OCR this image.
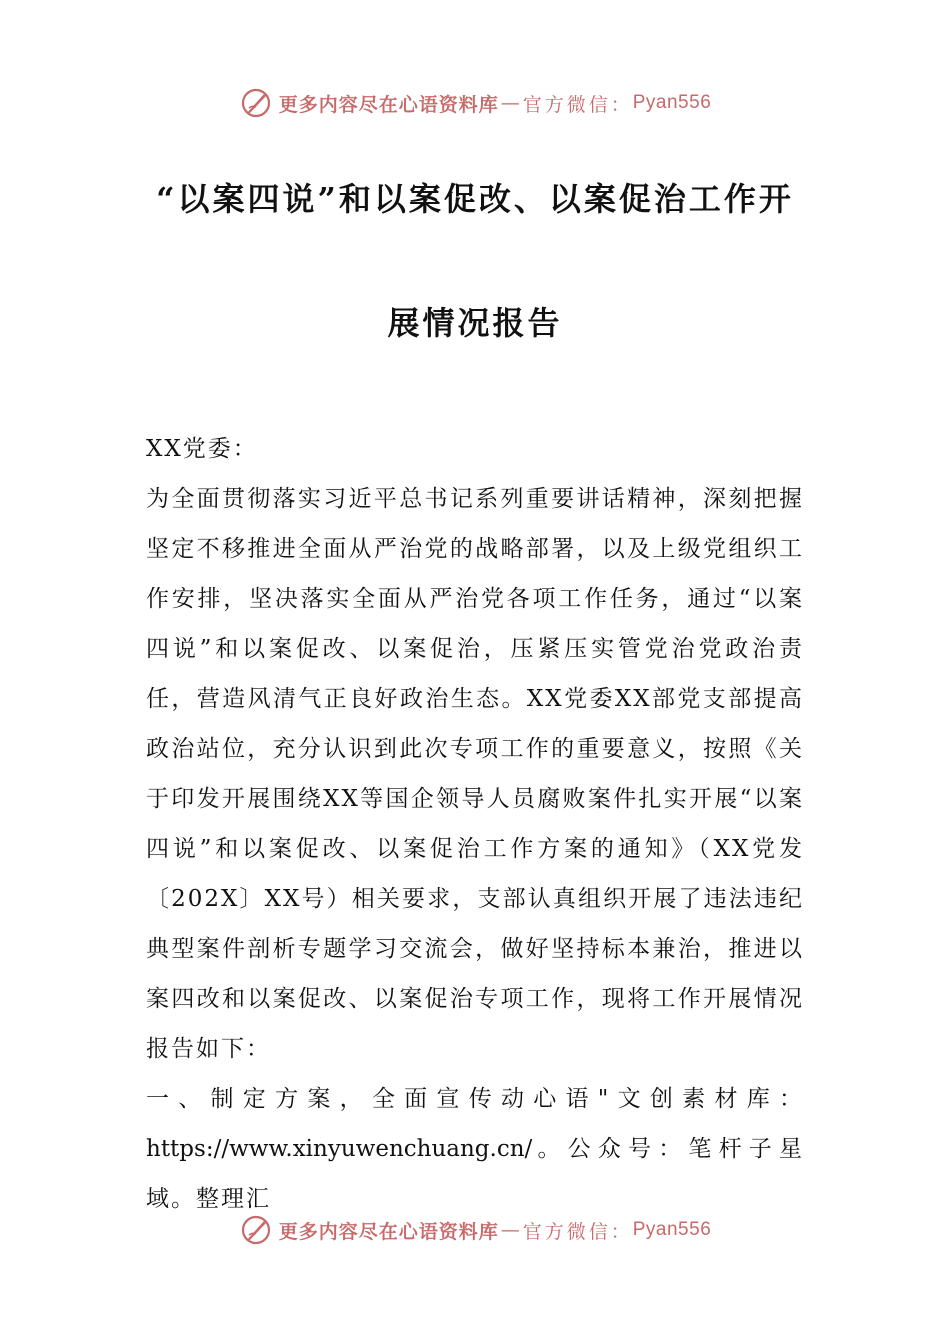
更多内容尽在心语资料库 — 官方微信： Pyan556
“以案四说”和以案促改、以案促治工作开
展情况报告

XX党委：

为全面贯彻落实习近平总书记系列重要讲话精神，深刻把握坚定不移推进全面从严治党的战略部署，以及上级党组织工作安排，坚决落实全面从严治党各项工作任务，通过“以案四说”和以案促改、以案促治，压紧压实管党治党政治责任，营造风清气正良好政治生态。XX党委XX部党支部提高政治站位，充分认识到此次专项工作的重要意义，按照《关于印发开展围绕XX等国企领导人员腐败案件扎实开展“以案四说”和以案促改、以案促治工作方案的通知》（XX党发〔202X〕XX号）相关要求，支部认真组织开展了违法违纪典型案件剖析专题学习交流会，做好坚持标本兼治，推进以案四改和以案促改、以案促治专项工作，现将工作开展情况报告如下：

一、制定方案，全面宣传动心语"文创素材库：https://www.xinyuwenchuang.cn/。公众号：笔杆子星域。整理汇

更多内容尽在心语资料库 — 官方微信： Pyan556
